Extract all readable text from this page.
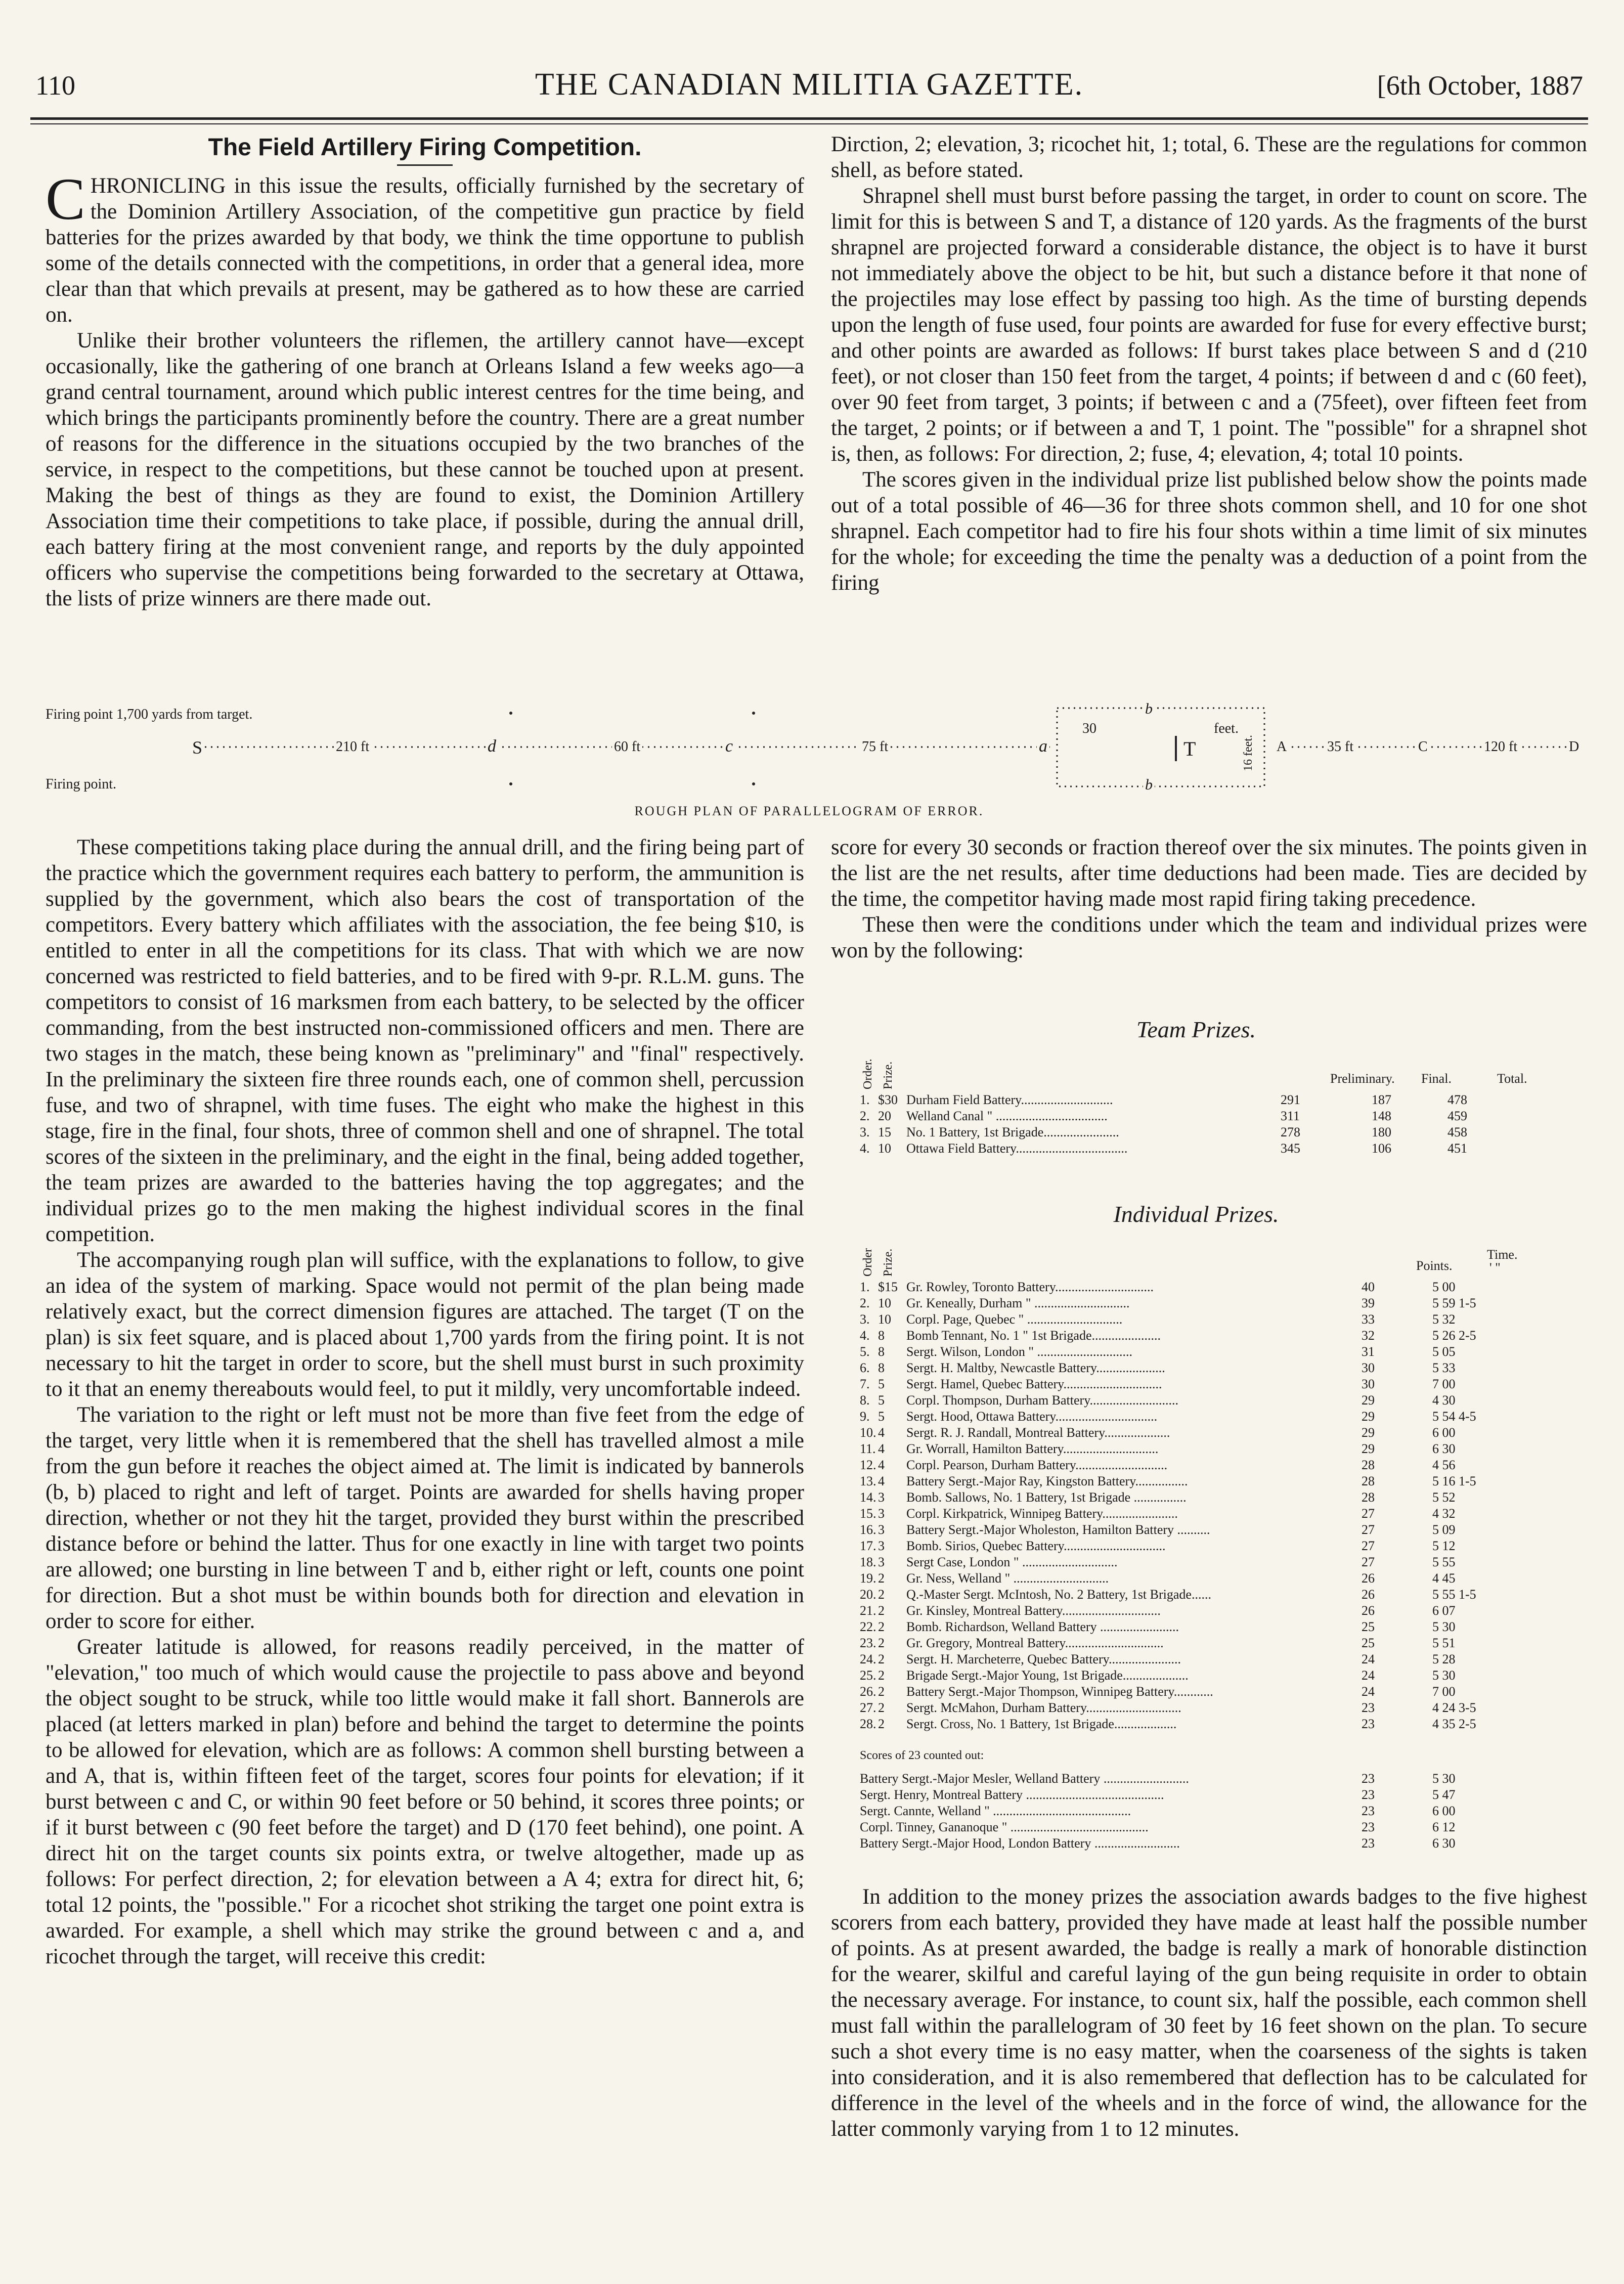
110	THE CANADIAN MILITIA GAZETTE.	[6th October, 1887
The Field Artillery Firing Competition.

CHRONICLING in this issue the results, officially furnished by the secretary of the Dominion Artillery Association, of the competitive gun practice by field batteries for the prizes awarded by that body, we think the time opportune to publish some of the details connected with the competitions, in order that a general idea, more clear than that which prevails at present, may be gathered as to how these are carried on.

Unlike their brother volunteers the riflemen, the artillery cannot have—except occasionally, like the gathering of one branch at Orleans Island a few weeks ago—a grand central tournament, around which public interest centres for the time being, and which brings the participants prominently before the country. There are a great number of reasons for the difference in the situations occupied by the two branches of the service, in respect to the competitions, but these cannot be touched upon at present. Making the best of things as they are found to exist, the Dominion Artillery Association time their competitions to take place, if possible, during the annual drill, each battery firing at the most convenient range, and reports by the duly appointed officers who supervise the competitions being forwarded to the secretary at Ottawa, the lists of prize winners are there made out.

Dirction, 2; elevation, 3; ricochet hit, 1; total, 6. These are the regulations for common shell, as before stated.

Shrapnel shell must burst before passing the target, in order to count on score. The limit for this is between S and T, a distance of 120 yards. As the fragments of the burst shrapnel are projected forward a considerable distance, the object is to have it burst not immediately above the object to be hit, but such a distance before it that none of the projectiles may lose effect by passing too high. As the time of bursting depends upon the length of fuse used, four points are awarded for fuse for every effective burst; and other points are awarded as follows: If burst takes place between S and d (210 feet), or not closer than 150 feet from the target, 4 points; if between d and c (60 feet), over 90 feet from target, 3 points; if between c and a (75feet), over fifteen feet from the target, 2 points; or if between a and T, 1 point. The "possible" for a shrapnel shot is, then, as follows: For direction, 2; fuse, 4; elevation, 4; total 10 points.

The scores given in the individual prize list published below show the points made out of a total possible of 46—36 for three shots common shell, and 10 for one shot shrapnel. Each competitor had to fire his four shots within a time limit of six minutes for the whole; for exceeding the time the penalty was a deduction of a point from the firing

Firing point 1,700 yards from target.
Firing point.
S	210 ft	d	60 ft	c	75 ft	a
b
b
30	feet.
T	16 feet. A	35 ft	C	120 ft	D
ROUGH PLAN OF PARALLELOGRAM OF ERROR.

These competitions taking place during the annual drill, and the firing being part of the practice which the government requires each battery to perform, the ammunition is supplied by the government, which also bears the cost of transportation of the competitors. Every battery which affiliates with the association, the fee being $10, is entitled to enter in all the competitions for its class. That with which we are now concerned was restricted to field batteries, and to be fired with 9-pr. R.L.M. guns. The competitors to consist of 16 marksmen from each battery, to be selected by the officer commanding, from the best instructed non-commissioned officers and men. There are two stages in the match, these being known as "preliminary" and "final" respectively. In the preliminary the sixteen fire three rounds each, one of common shell, percussion fuse, and two of shrapnel, with time fuses. The eight who make the highest in this stage, fire in the final, four shots, three of common shell and one of shrapnel. The total scores of the sixteen in the preliminary, and the eight in the final, being added together, the team prizes are awarded to the batteries having the top aggregates; and the individual prizes go to the men making the highest individual scores in the final competition.

The accompanying rough plan will suffice, with the explanations to follow, to give an idea of the system of marking. Space would not permit of the plan being made relatively exact, but the correct dimension figures are attached. The target (T on the plan) is six feet square, and is placed about 1,700 yards from the firing point. It is not necessary to hit the target in order to score, but the shell must burst in such proximity to it that an enemy thereabouts would feel, to put it mildly, very uncomfortable indeed.

The variation to the right or left must not be more than five feet from the edge of the target, very little when it is remembered that the shell has travelled almost a mile from the gun before it reaches the object aimed at. The limit is indicated by bannerols (b, b) placed to right and left of target. Points are awarded for shells having proper direction, whether or not they hit the target, provided they burst within the prescribed distance before or behind the latter. Thus for one exactly in line with target two points are allowed; one bursting in line between T and b, either right or left, counts one point for direction. But a shot must be within bounds both for direction and elevation in order to score for either.

Greater latitude is allowed, for reasons readily perceived, in the matter of "elevation," too much of which would cause the projectile to pass above and beyond the object sought to be struck, while too little would make it fall short. Bannerols are placed (at letters marked in plan) before and behind the target to determine the points to be allowed for elevation, which are as follows: A common shell bursting between a and A, that is, within fifteen feet of the target, scores four points for elevation; if it burst between c and C, or within 90 feet before or 50 behind, it scores three points; or if it burst between c (90 feet before the target) and D (170 feet behind), one point. A direct hit on the target counts six points extra, or twelve altogether, made up as follows: For perfect direction, 2; for elevation between a A 4; extra for direct hit, 6; total 12 points, the "possible." For a ricochet shot striking the target one point extra is awarded. For example, a shell which may strike the ground between c and a, and ricochet through the target, will receive this credit:

score for every 30 seconds or fraction thereof over the six minutes. The points given in the list are the net results, after time deductions had been made. Ties are decided by the time, the competitor having made most rapid firing taking precedence.

These then were the conditions under which the team and individual prizes were won by the following:

Team Prizes.
Order. Prize.	Preliminary. Final.	Total.
1.	$30	Durham Field Battery............................	291	187	478
2.	20	Welland Canal " ..................................	311	148	459
3.	15	No. 1 Battery, 1st Brigade.......................	278	180	458
4.	10	Ottawa Field Battery..................................	345	106	451
Individual Prizes.
Order Prize.	Points.
Time.
' "
1.	$15	Gr. Rowley, Toronto Battery..............................	40	5 00
2.	10	Gr. Keneally, Durham " .............................	39	5 59 1-5
3.	10	Corpl. Page, Quebec " .............................	33	5 32
4.	8	Bomb Tennant, No. 1 " 1st Brigade.....................	32	5 26 2-5
5.	8	Sergt. Wilson, London " .............................	31	5 05
6.	8	Sergt. H. Maltby, Newcastle Battery.....................	30	5 33
7.	5	Sergt. Hamel, Quebec Battery..............................	30	7 00
8.	5	Corpl. Thompson, Durham Battery...........................	29	4 30
9.	5	Sergt. Hood, Ottawa Battery...............................	29	5 54 4-5
10.	4	Sergt. R. J. Randall, Montreal Battery....................	29	6 00
11.	4	Gr. Worrall, Hamilton Battery.............................	29	6 30
12.	4	Corpl. Pearson, Durham Battery............................	28	4 56
13.	4	Battery Sergt.-Major Ray, Kingston Battery................	28	5 16 1-5
14.	3	Bomb. Sallows, No. 1 Battery, 1st Brigade ................	28	5 52
15.	3	Corpl. Kirkpatrick, Winnipeg Battery.......................	27	4 32
16.	3	Battery Sergt.-Major Wholeston, Hamilton Battery ..........	27	5 09
17.	3	Bomb. Sirios, Quebec Battery...............................	27	5 12
18.	3	Sergt Case, London " .............................	27	5 55
19.	2	Gr. Ness, Welland " .............................	26	4 45
20.	2	Q.-Master Sergt. McIntosh, No. 2 Battery, 1st Brigade......	26	5 55 1-5
21.	2	Gr. Kinsley, Montreal Battery..............................	26	6 07
22.	2	Bomb. Richardson, Welland Battery ........................	25	5 30
23.	2	Gr. Gregory, Montreal Battery..............................	25	5 51
24.	2	Sergt. H. Marcheterre, Quebec Battery......................	24	5 28
25.	2	Brigade Sergt.-Major Young, 1st Brigade....................	24	5 30
26.	2	Battery Sergt.-Major Thompson, Winnipeg Battery............	24	7 00
27.	2	Sergt. McMahon, Durham Battery.............................	23	4 24 3-5
28.	2	Sergt. Cross, No. 1 Battery, 1st Brigade...................	23	4 35 2-5
Scores of 23 counted out:
Battery Sergt.-Major Mesler, Welland Battery ..........................	23	5 30
Sergt. Henry, Montreal Battery ..........................................	23	5 47
Sergt. Cannte, Welland " ..........................................	23	6 00
Corpl. Tinney, Gananoque " ..........................................	23	6 12
Battery Sergt.-Major Hood, London Battery ..........................	23	6 30

In addition to the money prizes the association awards badges to the five highest scorers from each battery, provided they have made at least half the possible number of points. As at present awarded, the badge is really a mark of honorable distinction for the wearer, skilful and careful laying of the gun being requisite in order to obtain the necessary average. For instance, to count six, half the possible, each common shell must fall within the parallelogram of 30 feet by 16 feet shown on the plan. To secure such a shot every time is no easy matter, when the coarseness of the sights is taken into consideration, and it is also remembered that deflection has to be calculated for difference in the level of the wheels and in the force of wind, the allowance for the latter commonly varying from 1 to 12 minutes.
